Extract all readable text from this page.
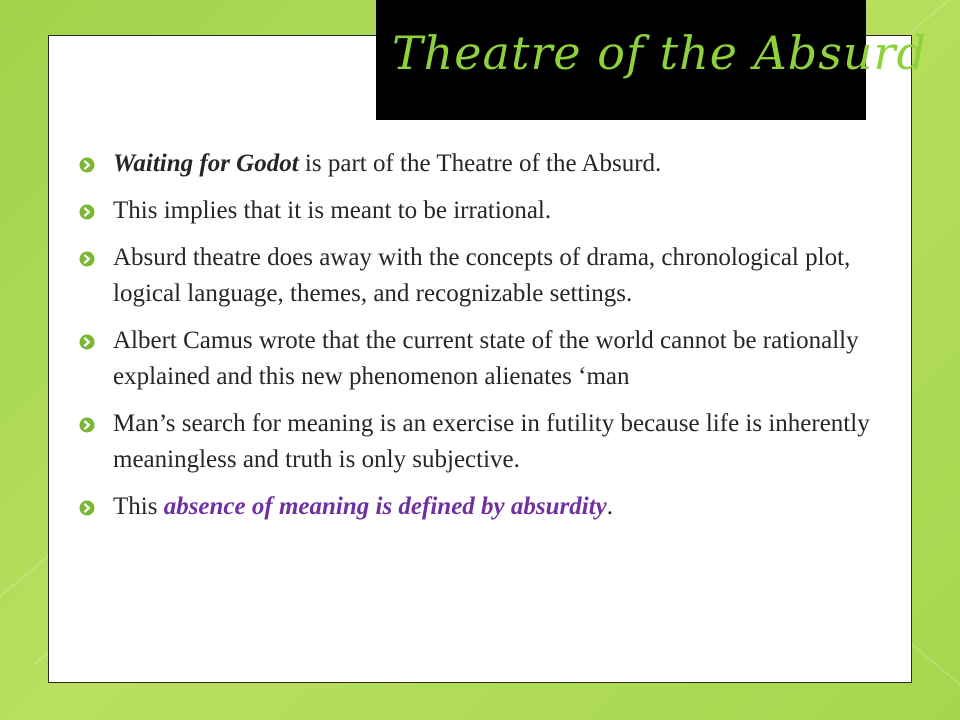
Waiting for Godot is part of the Theatre of the Absurd.
This implies that it is meant to be irrational.
Absurd theatre does away with the concepts of drama, chronological plot, logical language, themes, and recognizable settings.
Albert Camus wrote that the current state of the world cannot be rationally explained and this new phenomenon alienates ‘man
Man’s search for meaning is an exercise in futility because life is inherently meaningless and truth is only subjective.
This absence of meaning is defined by absurdity.
Theatre of the Absurd
